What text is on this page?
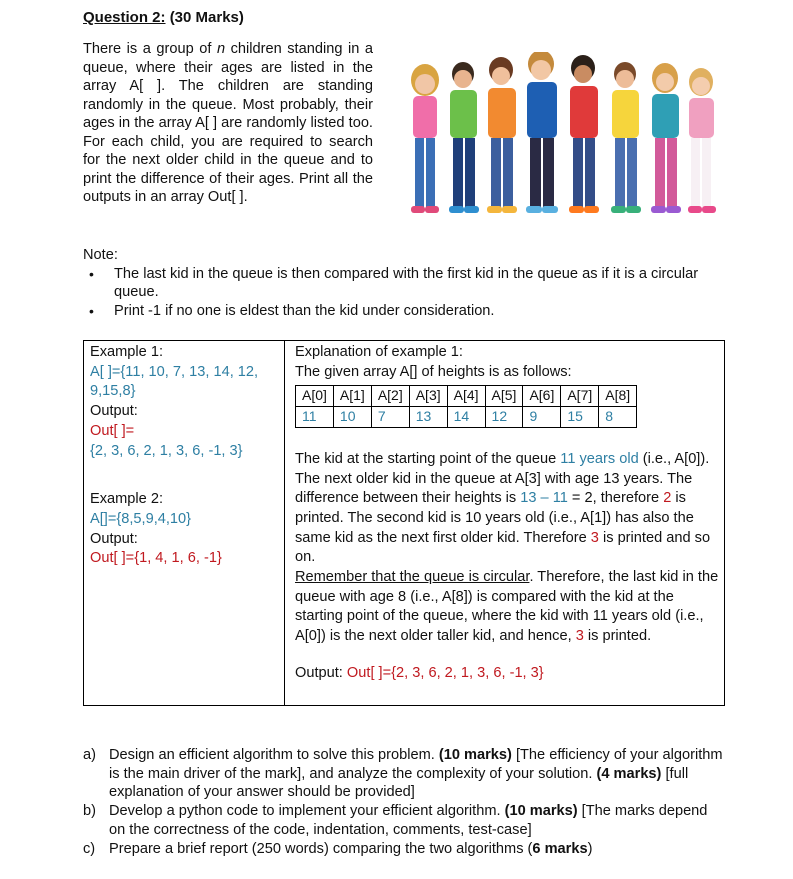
Question 2: (30 Marks)
There is a group of n children standing in a queue, where their ages are listed in the array A[ ]. The children are standing randomly in the queue. Most probably, their ages in the array A[ ] are randomly listed too. For each child, you are required to search for the next older child in the queue and to print the difference of their ages. Print all the outputs in an array Out[ ].
Note:
• The last kid in the queue is then compared with the first kid in the queue as if it is a circular queue.
• Print -1 if no one is eldest than the kid under consideration.
Example 1:
A[ ]={11, 10, 7, 13, 14, 12, 9,15,8}
Output:
Out[ ]=
{2, 3, 6, 2, 1, 3, 6, -1, 3}
Example 2:
A[]={8,5,9,4,10}
Output:
Out[ ]={1, 4, 1, 6, -1}
Explanation of example 1:
The given array A[] of heights is as follows:
A[0]	A[1]	A[2]	A[3]	A[4]	A[5]	A[6]	A[7]	A[8]
11	10	7	13	14	12	9	15	8
The kid at the starting point of the queue 11 years old (i.e., A[0]). The next older kid in the queue at A[3] with age 13 years. The difference between their heights is 13 – 11 = 2, therefore 2 is printed. The second kid is 10 years old (i.e., A[1]) has also the same kid as the next first older kid. Therefore 3 is printed and so on.
Remember that the queue is circular. Therefore, the last kid in the queue with age 8 (i.e., A[8]) is compared with the kid at the starting point of the queue, where the kid with 11 years old (i.e., A[0]) is the next older taller kid, and hence, 3 is printed.
Output: Out[ ]={2, 3, 6, 2, 1, 3, 6, -1, 3}
a) Design an efficient algorithm to solve this problem. (10 marks) [The efficiency of your algorithm is the main driver of the mark], and analyze the complexity of your solution. (4 marks) [full explanation of your answer should be provided]
b) Develop a python code to implement your efficient algorithm. (10 marks) [The marks depend on the correctness of the code, indentation, comments, test-case]
c) Prepare a brief report (250 words) comparing the two algorithms (6 marks)
